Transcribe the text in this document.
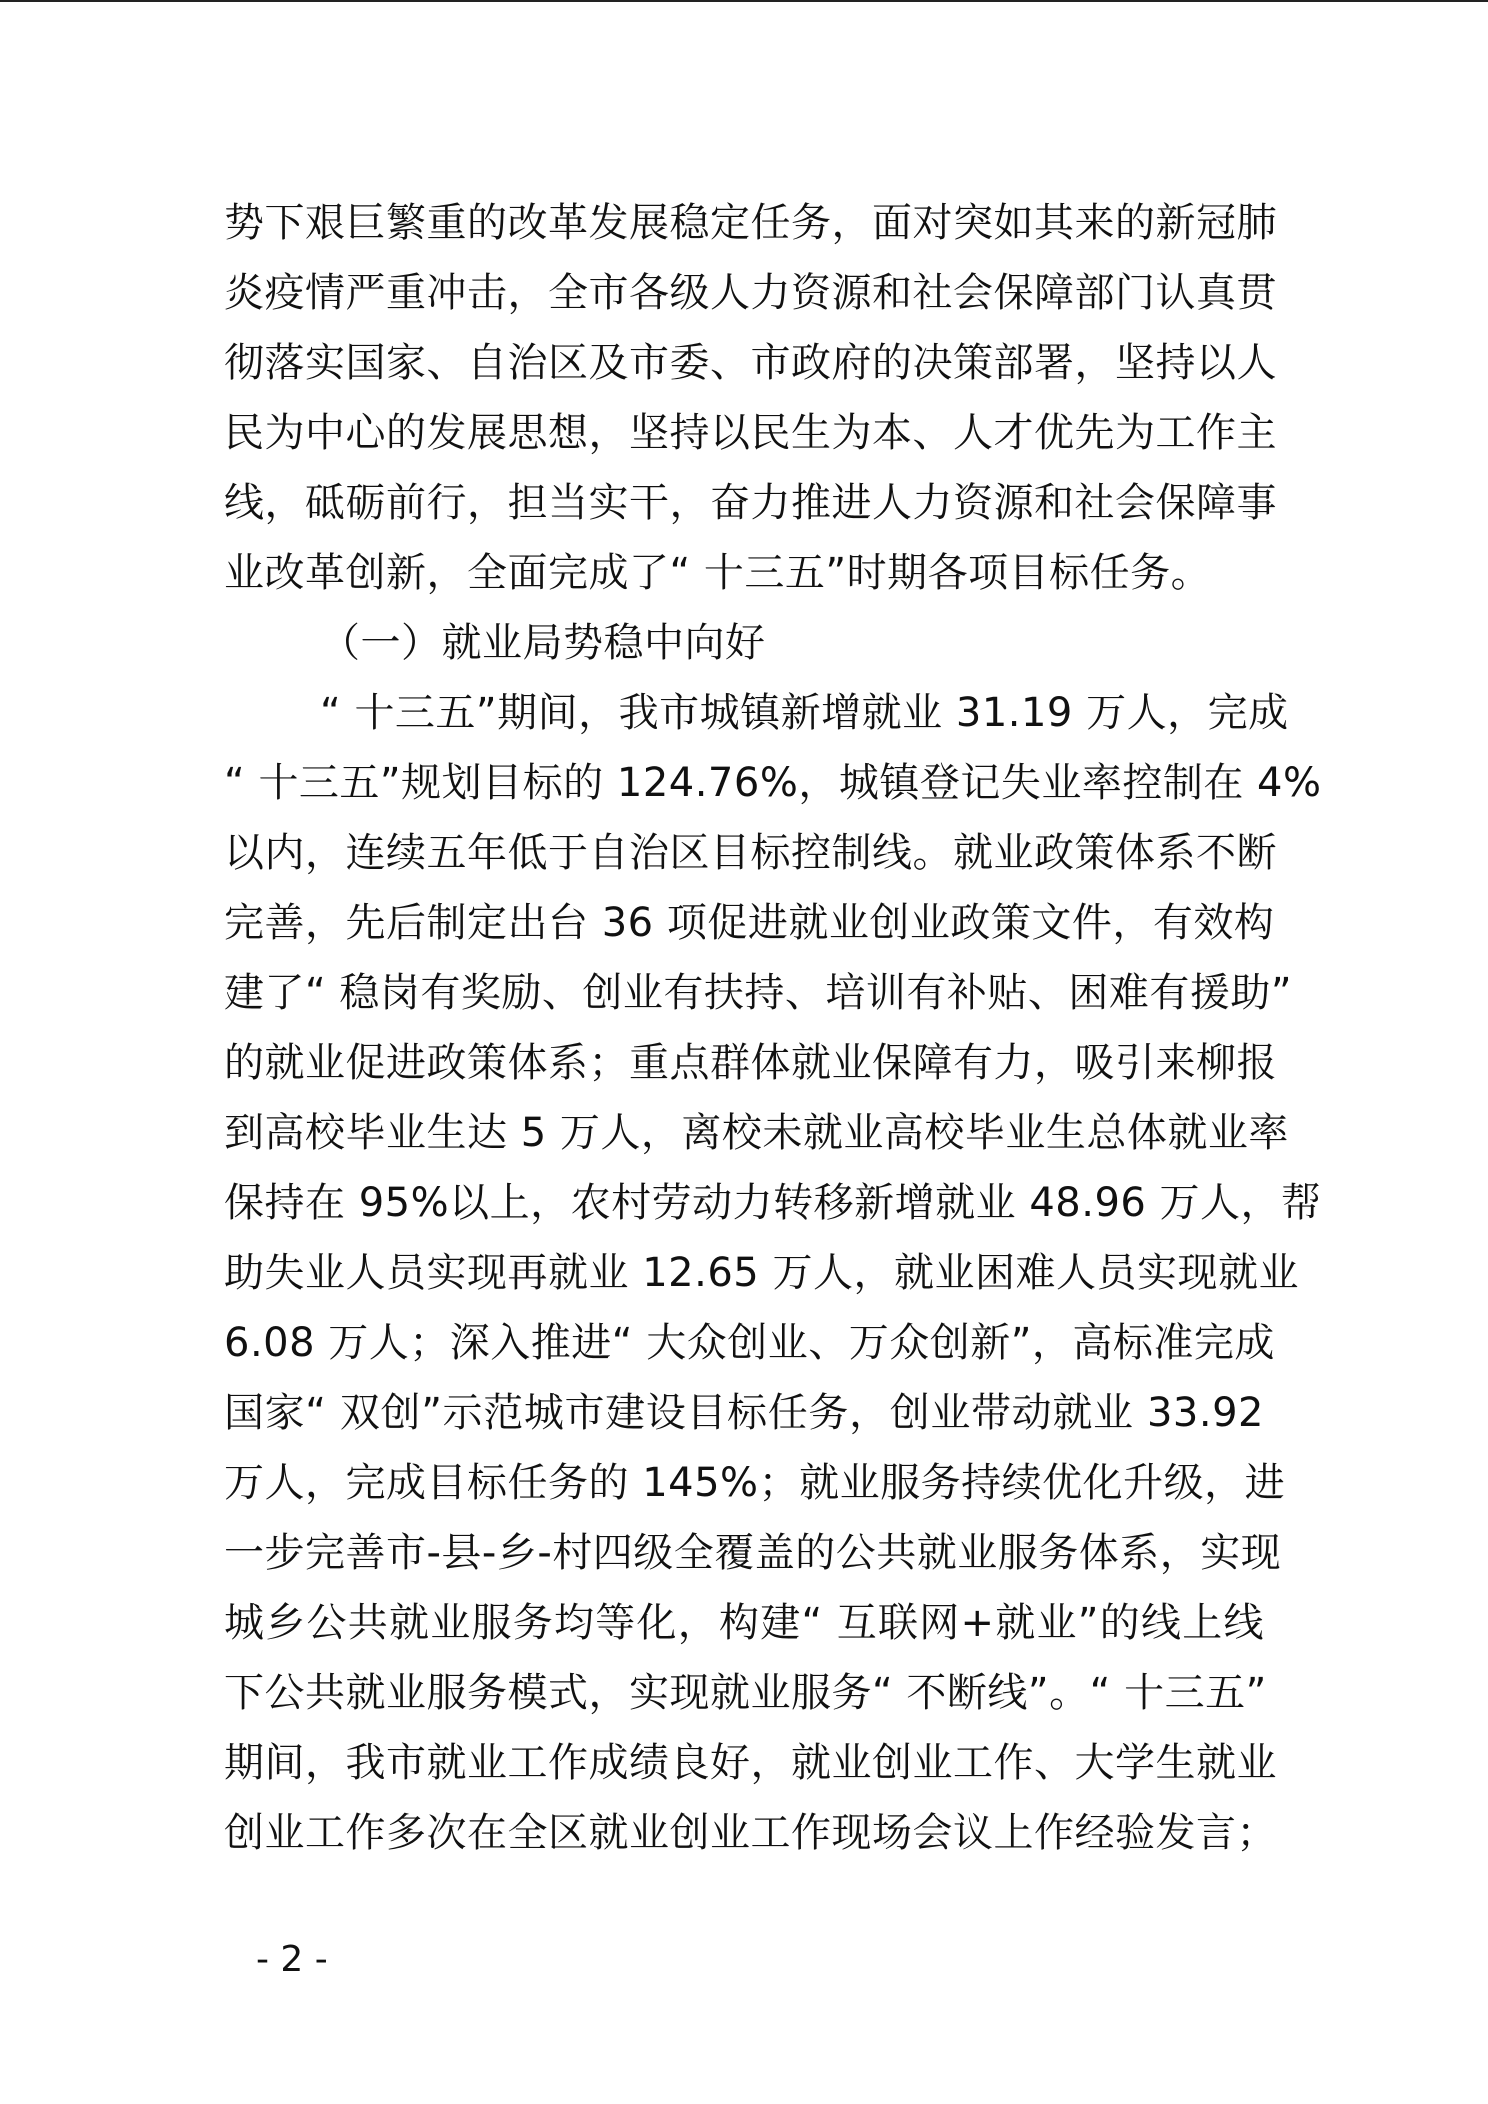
势下艰巨繁重的改革发展稳定任务，面对突如其来的新冠肺
炎疫情严重冲击，全市各级人力资源和社会保障部门认真贯
彻落实国家、自治区及市委、市政府的决策部署，坚持以人
民为中心的发展思想，坚持以民生为本、人才优先为工作主
线，砥砺前行，担当实干，奋力推进人力资源和社会保障事
业改革创新，全面完成了“ 十三五”时期各项目标任务。
（一）就业局势稳中向好
“ 十三五”期间，我市城镇新增就业 31.19 万人，完成
“ 十三五”规划目标的 124.76%，城镇登记失业率控制在 4%
以内，连续五年低于自治区目标控制线。就业政策体系不断
完善，先后制定出台 36 项促进就业创业政策文件，有效构
建了“ 稳岗有奖励、创业有扶持、培训有补贴、困难有援助”
的就业促进政策体系；重点群体就业保障有力，吸引来柳报
到高校毕业生达 5 万人，离校未就业高校毕业生总体就业率
保持在 95%以上，农村劳动力转移新增就业 48.96 万人，帮
助失业人员实现再就业 12.65 万人，就业困难人员实现就业
6.08 万人；深入推进“ 大众创业、万众创新”，高标准完成
国家“ 双创”示范城市建设目标任务，创业带动就业 33.92
万人，完成目标任务的 145%；就业服务持续优化升级，进
一步完善市-县-乡-村四级全覆盖的公共就业服务体系，实现
城乡公共就业服务均等化，构建“ 互联网+就业”的线上线
下公共就业服务模式，实现就业服务“ 不断线”。“ 十三五”
期间，我市就业工作成绩良好，就业创业工作、大学生就业
创业工作多次在全区就业创业工作现场会议上作经验发言；
- 2 -
